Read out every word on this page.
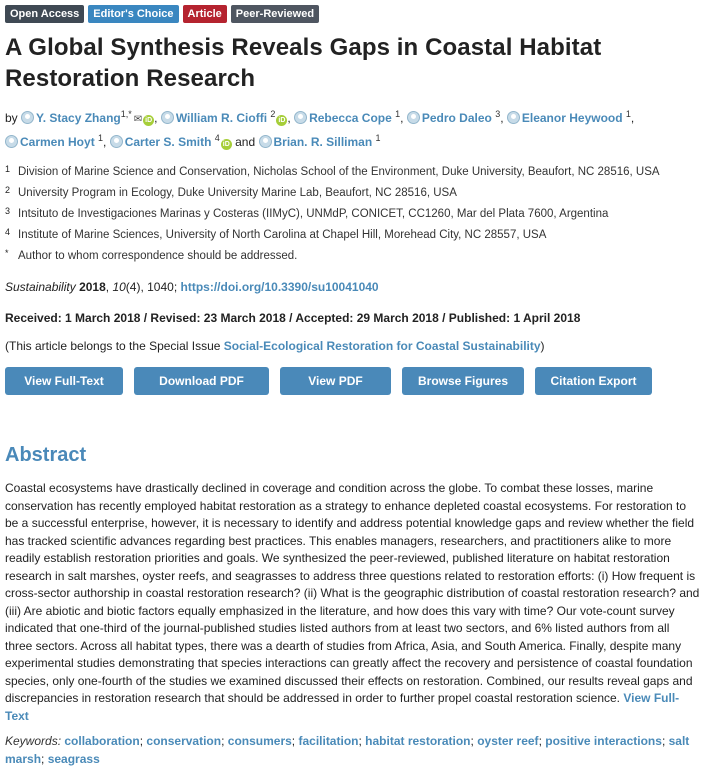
Open Access	Editor's Choice	Article	Peer-Reviewed
A Global Synthesis Reveals Gaps in Coastal Habitat Restoration Research
by Y. Stacy Zhang$^{1,*}$ ✉ iD , William R. Cioffi $^2$iD , Rebecca Cope $^1$, Pedro Daleo $^3$, Eleanor Heywood $^1$,
Carmen Hoyt $^1$, Carter S. Smith $^4$iD and Brian. R. Silliman $^1$
1 Division of Marine Science and Conservation, Nicholas School of the Environment, Duke University, Beaufort, NC 28516, USA
2 University Program in Ecology, Duke University Marine Lab, Beaufort, NC 28516, USA
3 Intsituto de Investigaciones Marinas y Costeras (IIMyC), UNMdP, CONICET, CC1260, Mar del Plata 7600, Argentina
4 Institute of Marine Sciences, University of North Carolina at Chapel Hill, Morehead City, NC 28557, USA
* Author to whom correspondence should be addressed.
Sustainability 2018, 10(4), 1040; https://doi.org/10.3390/su10041040
Received: 1 March 2018 / Revised: 23 March 2018 / Accepted: 29 March 2018 / Published: 1 April 2018
(This article belongs to the Special Issue Social-Ecological Restoration for Coastal Sustainability)
View Full-Text	Download PDF	View PDF	Browse Figures	Citation Export
Abstract

Coastal ecosystems have drastically declined in coverage and condition across the globe. To combat these losses, marine conservation has recently employed habitat restoration as a strategy to enhance depleted coastal ecosystems. For restoration to be a successful enterprise, however, it is necessary to identify and address potential knowledge gaps and review whether the field has tracked scientific advances regarding best practices. This enables managers, researchers, and practitioners alike to more readily establish restoration priorities and goals. We synthesized the peer-reviewed, published literature on habitat restoration research in salt marshes, oyster reefs, and seagrasses to address three questions related to restoration efforts: (i) How frequent is cross-sector authorship in coastal restoration research? (ii) What is the geographic distribution of coastal restoration research? and (iii) Are abiotic and biotic factors equally emphasized in the literature, and how does this vary with time? Our vote-count survey indicated that one-third of the journal-published studies listed authors from at least two sectors, and 6% listed authors from all three sectors. Across all habitat types, there was a dearth of studies from Africa, Asia, and South America. Finally, despite many experimental studies demonstrating that species interactions can greatly affect the recovery and persistence of coastal foundation species, only one-fourth of the studies we examined discussed their effects on restoration. Combined, our results reveal gaps and discrepancies in restoration research that should be addressed in order to further propel coastal restoration science. View Full-Text

Keywords: collaboration; conservation; consumers; facilitation; habitat restoration; oyster reef; positive interactions; salt marsh; seagrass
